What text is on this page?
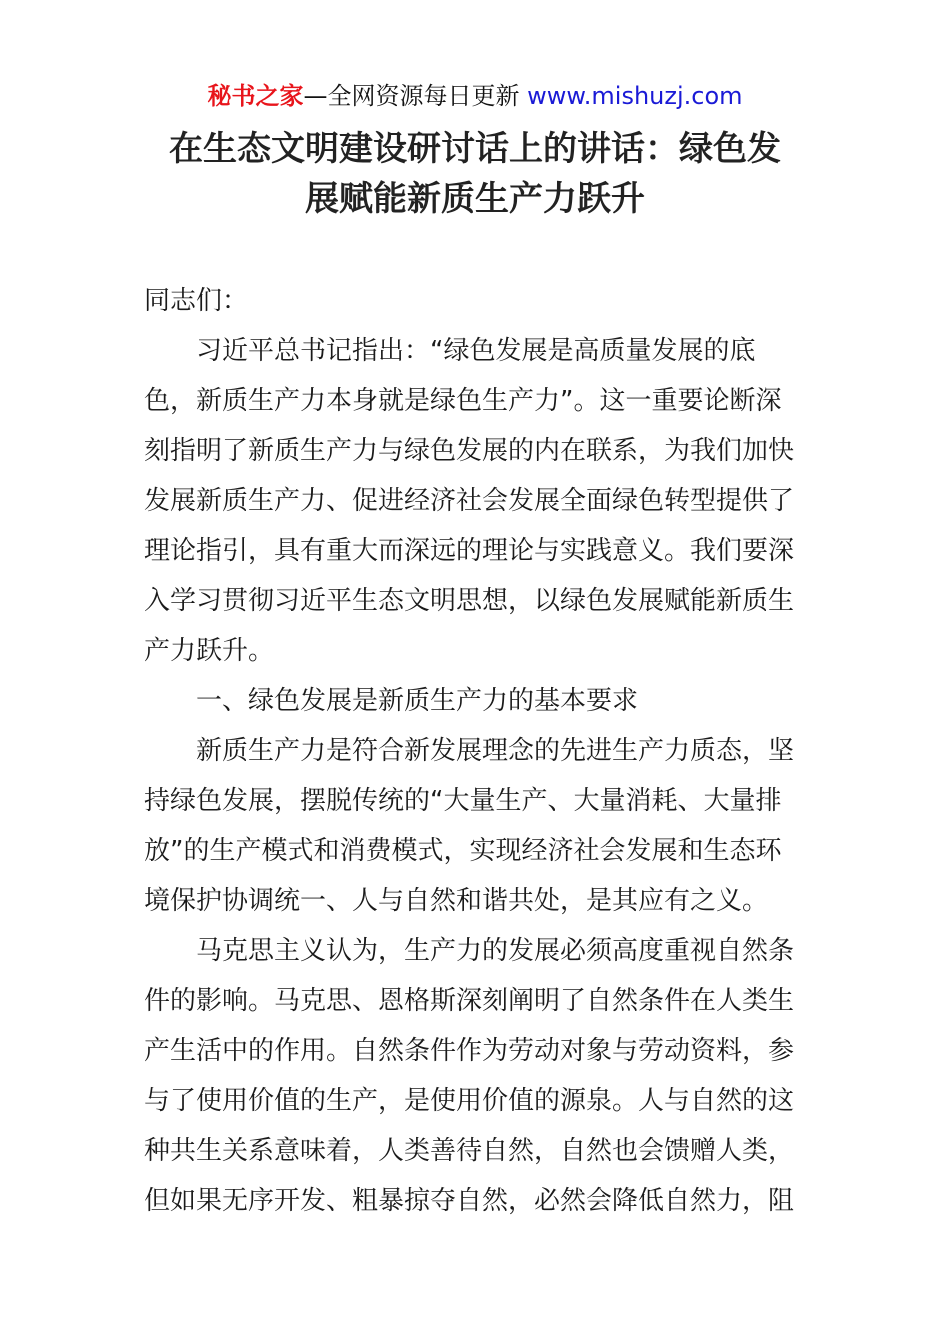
秘书之家—全网资源每日更新 www.mishuzj.com
在生态文明建设研讨话上的讲话：绿色发
展赋能新质生产力跃升

同志们：

习近平总书记指出：“绿色发展是高质量发展的底
色，新质生产力本身就是绿色生产力”。这一重要论断深
刻指明了新质生产力与绿色发展的内在联系，为我们加快
发展新质生产力、促进经济社会发展全面绿色转型提供了
理论指引，具有重大而深远的理论与实践意义。我们要深
入学习贯彻习近平生态文明思想，以绿色发展赋能新质生
产力跃升。

一、绿色发展是新质生产力的基本要求

新质生产力是符合新发展理念的先进生产力质态，坚
持绿色发展，摆脱传统的“大量生产、大量消耗、大量排
放”的生产模式和消费模式，实现经济社会发展和生态环
境保护协调统一、人与自然和谐共处，是其应有之义。

马克思主义认为，生产力的发展必须高度重视自然条
件的影响。马克思、恩格斯深刻阐明了自然条件在人类生
产生活中的作用。自然条件作为劳动对象与劳动资料，参
与了使用价值的生产，是使用价值的源泉。人与自然的这
种共生关系意味着，人类善待自然，自然也会馈赠人类，
但如果无序开发、粗暴掠夺自然，必然会降低自然力，阻
